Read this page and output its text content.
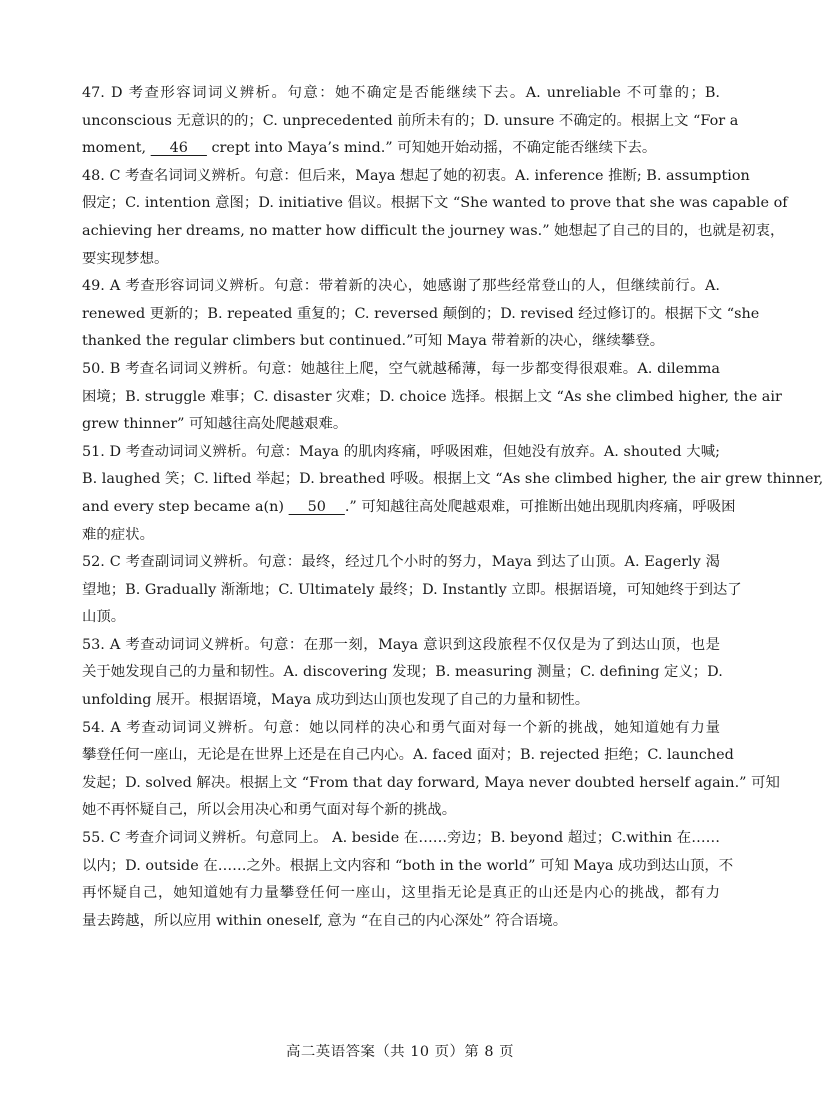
47. D 考查形容词词义辨析。句意：她不确定是否能继续下去。A. unreliable 不可靠的；B.
unconscious 无意识的的；C. unprecedented 前所未有的；D. unsure 不确定的。根据上文 “For a
moment,   46   crept into Maya’s mind.” 可知她开始动摇，不确定能否继续下去。
48. C 考查名词词义辨析。句意：但后来，Maya 想起了她的初衷。A. inference 推断; B. assumption
假定；C. intention 意图；D. initiative 倡议。根据下文 “She wanted to prove that she was capable of
achieving her dreams, no matter how difficult the journey was.” 她想起了自己的目的，也就是初衷，
要实现梦想。
49. A 考查形容词词义辨析。句意：带着新的决心，她感谢了那些经常登山的人，但继续前行。A.
renewed 更新的；B. repeated 重复的；C. reversed 颠倒的；D. revised 经过修订的。根据下文 “she
thanked the regular climbers but continued.”可知 Maya 带着新的决心，继续攀登。
50. B 考查名词词义辨析。句意：她越往上爬，空气就越稀薄，每一步都变得很艰难。A. dilemma
困境；B. struggle 难事；C. disaster 灾难；D. choice 选择。根据上文 “As she climbed higher, the air
grew thinner” 可知越往高处爬越艰难。
51. D 考查动词词义辨析。句意：Maya 的肌肉疼痛，呼吸困难，但她没有放弃。A. shouted 大喊;
B. laughed 笑；C. lifted 举起；D. breathed 呼吸。根据上文 “As she climbed higher, the air grew thinner,
and every step became a(n)   50  .” 可知越往高处爬越艰难，可推断出她出现肌肉疼痛，呼吸困
难的症状。
52. C 考查副词词义辨析。句意：最终，经过几个小时的努力，Maya 到达了山顶。A. Eagerly 渴
望地；B. Gradually 渐渐地；C. Ultimately 最终；D. Instantly 立即。根据语境，可知她终于到达了
山顶。
53. A 考查动词词义辨析。句意：在那一刻，Maya 意识到这段旅程不仅仅是为了到达山顶，也是
关于她发现自己的力量和韧性。A. discovering 发现；B. measuring 测量；C. defining 定义；D.
unfolding 展开。根据语境，Maya 成功到达山顶也发现了自己的力量和韧性。
54. A 考查动词词义辨析。句意：她以同样的决心和勇气面对每一个新的挑战，她知道她有力量
攀登任何一座山，无论是在世界上还是在自己内心。A. faced 面对；B. rejected 拒绝；C. launched
发起；D. solved 解决。根据上文 “From that day forward, Maya never doubted herself again.” 可知
她不再怀疑自己，所以会用决心和勇气面对每个新的挑战。
55. C 考查介词词义辨析。句意同上。 A. beside 在……旁边；B. beyond 超过；C.within 在……
以内；D. outside 在……之外。根据上文内容和 “both in the world” 可知 Maya 成功到达山顶，不
再怀疑自己，她知道她有力量攀登任何一座山，这里指无论是真正的山还是内心的挑战，都有力
量去跨越，所以应用 within oneself, 意为 “在自己的内心深处” 符合语境。
高二英语答案（共 10 页）第 8 页
